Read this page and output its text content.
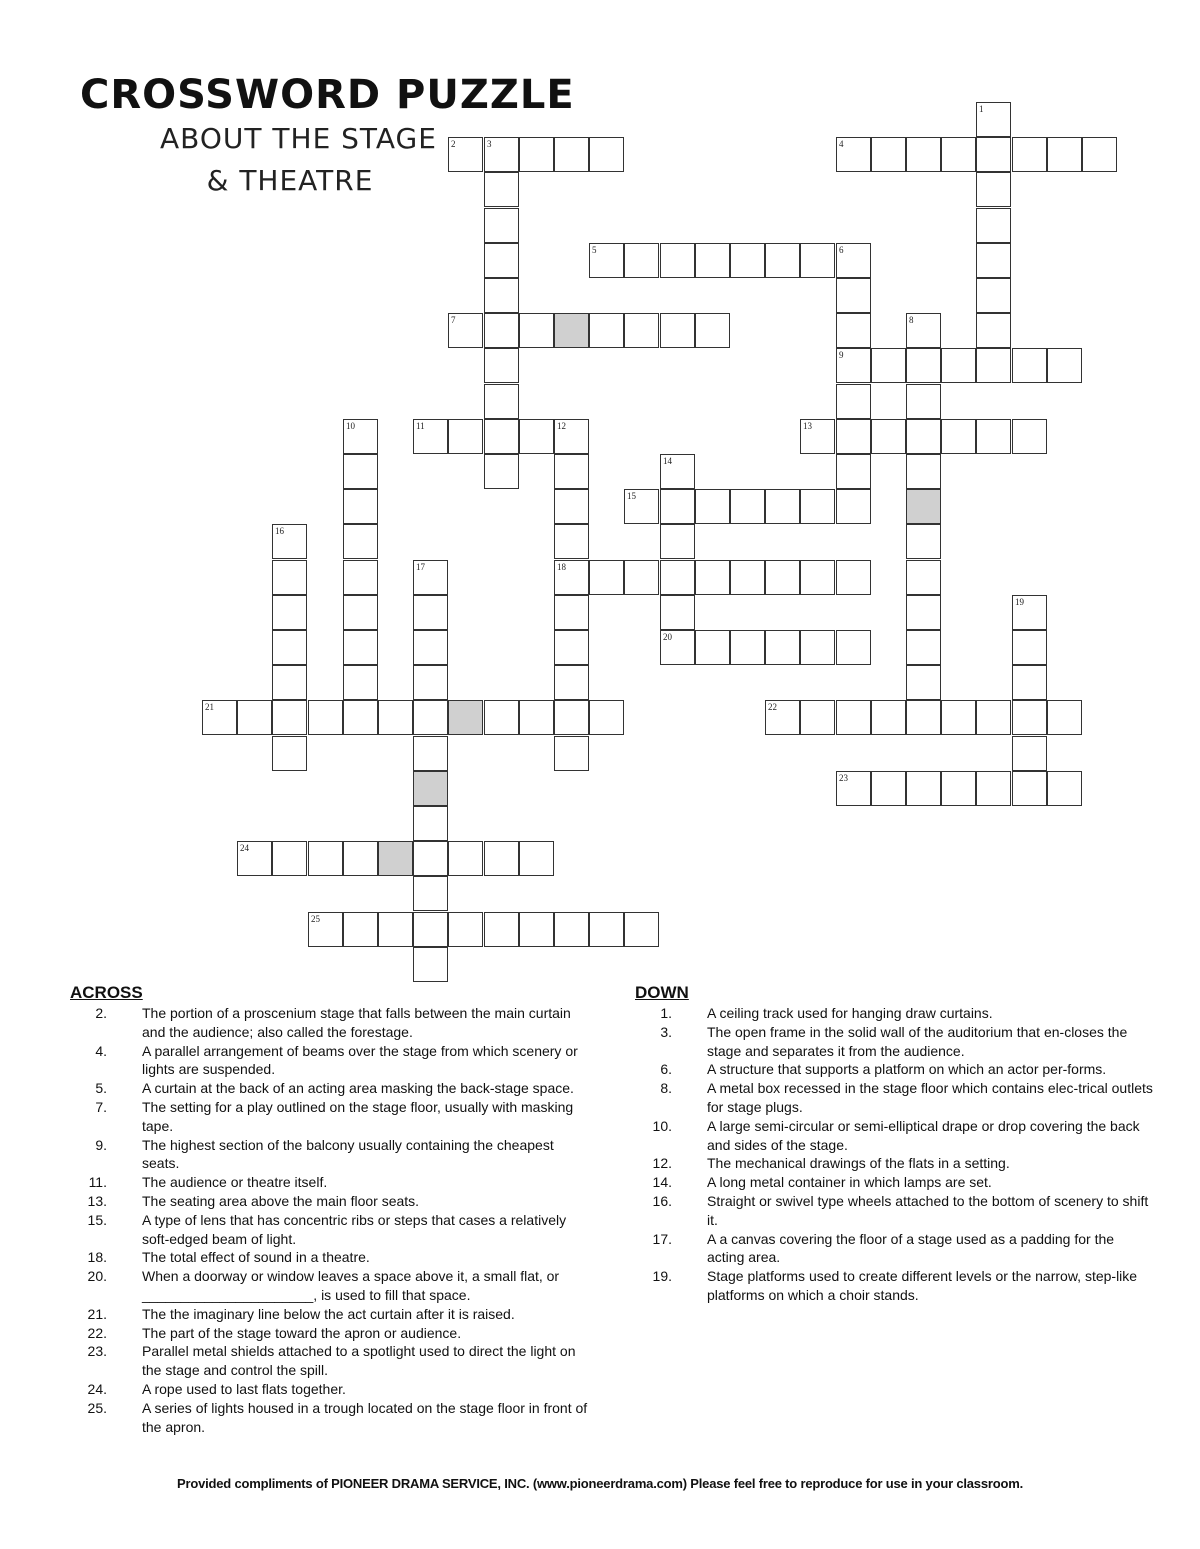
CROSSWORD PUZZLE
ABOUT THE STAGE
& THEATRE
1
2	3	4
5	6
9
7	8
10	11	12
18
13
14
20
15
16
17
19
21	22
23
24
25
ACROSS
2.	The portion of a proscenium stage that falls between the main curtain and the audience; also called the forestage.
4.	A parallel arrangement of beams over the stage from which scenery or lights are suspended.
5.	A curtain at the back of an acting area masking the back-stage space.
7.	The setting for a play outlined on the stage floor, usually with masking tape.
9.	The highest section of the balcony usually containing the cheapest seats.
11.	The audience or theatre itself.
13.	The seating area above the main floor seats.
15.	A type of lens that has concentric ribs or steps that cases a relatively soft-edged beam of light.
18.	The total effect of sound in a theatre.
20.	When a doorway or window leaves a space above it, a small flat, or ______________________, is used to fill that space.
21.	The the imaginary line below the act curtain after it is raised.
22.	The part of the stage toward the apron or audience.
23.	Parallel metal shields attached to a spotlight used to direct the light on the stage and control the spill.
24.	A rope used to last flats together.
25.	A series of lights housed in a trough located on the stage floor in front of the apron.
DOWN
1.	A ceiling track used for hanging draw curtains.
3.	The open frame in the solid wall of the auditorium that en-closes the stage and separates it from the audience.
6.	A structure that supports a platform on which an actor per-forms.
8.	A metal box recessed in the stage floor which contains elec-trical outlets for stage plugs.
10.	A large semi-circular or semi-elliptical drape or drop covering the back and sides of the stage.
12.	The mechanical drawings of the flats in a setting.
14.	A long metal container in which lamps are set.
16.	Straight or swivel type wheels attached to the bottom of scenery to shift it.
17.	A a canvas covering the floor of a stage used as a padding for the acting area.
19.	Stage platforms used to create different levels or the narrow, step-like platforms on which a choir stands.
Provided compliments of PIONEER DRAMA SERVICE, INC. (www.pioneerdrama.com) Please feel free to reproduce for use in your classroom.
